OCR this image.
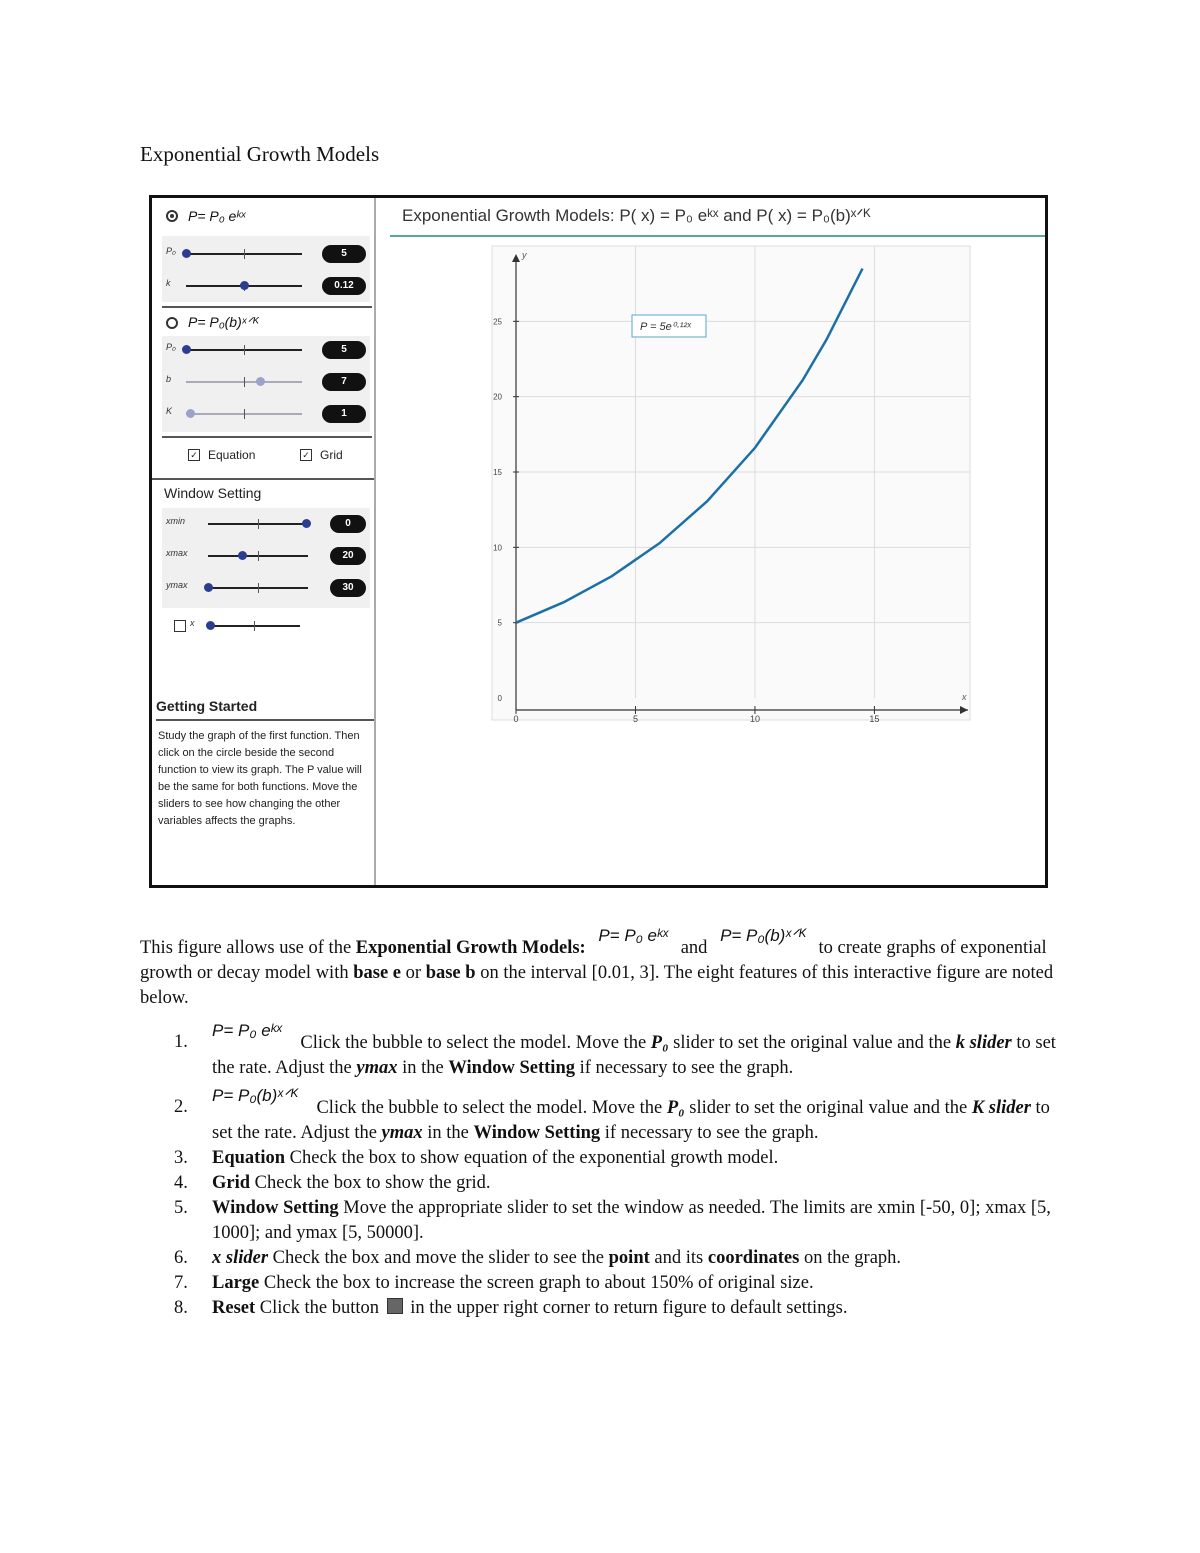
Exponential Growth Models
P= P₀ eᵏˣ
P₀	5
k	0.12
P= P₀(b)ˣᐟᴷ
P₀	5
b	7
K	1
✓ Equation	✓ Grid
Window Setting
xmin	0
xmax	20
ymax	30
x
Getting Started
Study the graph of the first function. Then click on the circle beside the second function to view its graph. The P value will be the same for both functions. Move the sliders to see how changing the other variables affects the graphs.
Exponential Growth Models: P( x) = P₀ eᵏˣ and P( x) = P₀(b)ˣᐟᴷ
x
y
0	5	10	15
0
5
10
15
20
25	P = 5e⁰·¹²ˣ
This figure allows use of the Exponential Growth Models: P= P₀ eᵏˣ and P= P₀(b)ˣᐟᴷ to create graphs of exponential growth or decay model with base e or base b on the interval [0.01, 3]. The eight features of this interactive figure are noted below.
1.
P= P₀ eᵏˣ Click the bubble to select the model. Move the P₀ slider to set the original value and the k slider to set the rate. Adjust the ymax in the Window Setting if necessary to see the graph.
2.
P= P₀(b)ˣᐟᴷ Click the bubble to select the model. Move the P₀ slider to set the original value and the K slider to set the rate. Adjust the ymax in the Window Setting if necessary to see the graph.
3. Equation Check the box to show equation of the exponential growth model.
4. Grid Check the box to show the grid.
5. Window Setting Move the appropriate slider to set the window as needed. The limits are xmin [-50, 0]; xmax [5, 1000]; and ymax [5, 50000].
6. x slider Check the box and move the slider to see the point and its coordinates on the graph.
7. Large Check the box to increase the screen graph to about 150% of original size.
8. Reset Click the button in the upper right corner to return figure to default settings.
